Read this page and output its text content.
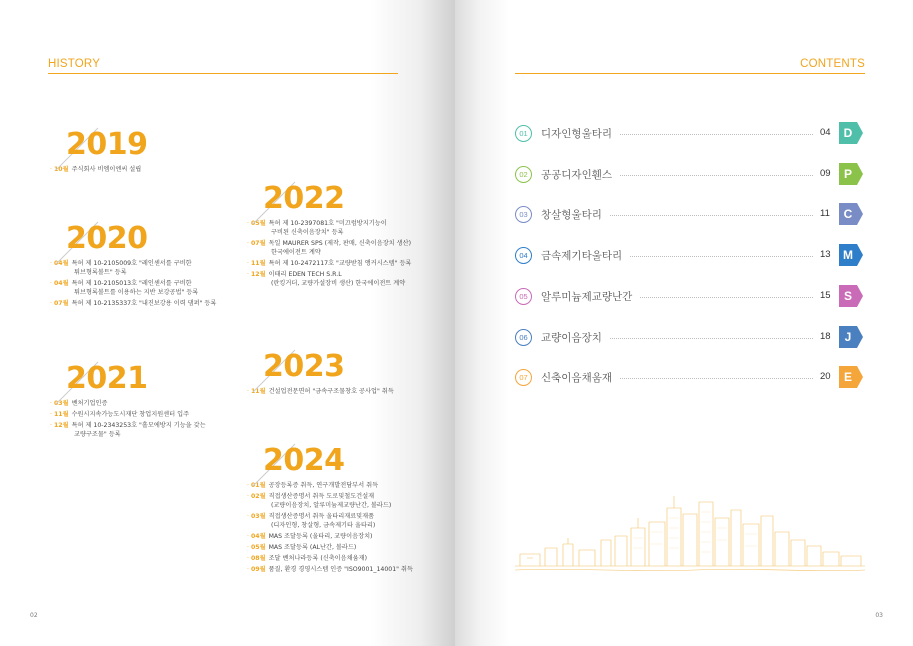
HISTORY
2019
· 10월 주식회사 비엠이엔씨 설립
2020
· 04월 특허 제 10-2105009호 "레인센서를 구비한
튀브형록볼트" 등록
· 04월 특허 제 10-2105013호 "레인센서를 구비한
튀브형록볼트를 이용하는 지반 보강공법" 등록
· 07월 특허 제 10-2135337호 "내진보강용 이력 댐퍼" 등록
2021
· 03월 벤처기업인증
· 11월 수원시지속가능도시재단 창업지원센터 입주
· 12월 특허 제 10-2343253호 "흘모에방지 기능을 갖는
교량구조물" 등록
2022
· 05월 특허 제 10-2397081호 "미끄럼방지기능이
구비된 신축이음장치" 등록
· 07월 독일 MAURER SPS (제작, 판매, 신축이음장치 생산)
한국에이전트 계약
· 11월 특허 제 10-2472117호 "교량받침 앵커시스템" 등록
· 12월 이태리 EDEN TECH S.R.L
(란킹거더, 교량가설장비 생산) 한국에이전트 계약
2023
· 11월 건설업전문면허 "금속구조물창호 공사업" 취득
2024
· 01월 공장등록증 취득, 연구개발전담부서 취득
· 02월 직접생산증명서 취득 도로및철도건설재
(교량이음장치, 알루미늄제교량난간, 볼라드)
· 03월 직접생산증명서 취득 울타리재료및재품
(디자인형, 창살형, 금속제기타 울타리)
· 04월 MAS 조달등록 (울타리, 교량이음장치)
· 05월 MAS 조달등록 (AL난간, 볼라드)
· 08월 조달 벤처나라등록 (신축이음채움재)
· 09월 품질, 환경 경영시스템 인증 "ISO9001_14001" 취득
02
CONTENTS
01	디자인형울타리	04	D
02	공공디자인휀스	09	P
03	창살형울타리	11	C
04	금속제기타울타리	13	M
05	알루미늄제교량난간	15	S
06	교량이음장치	18	J
07	신축이음채움재	20	E
03
